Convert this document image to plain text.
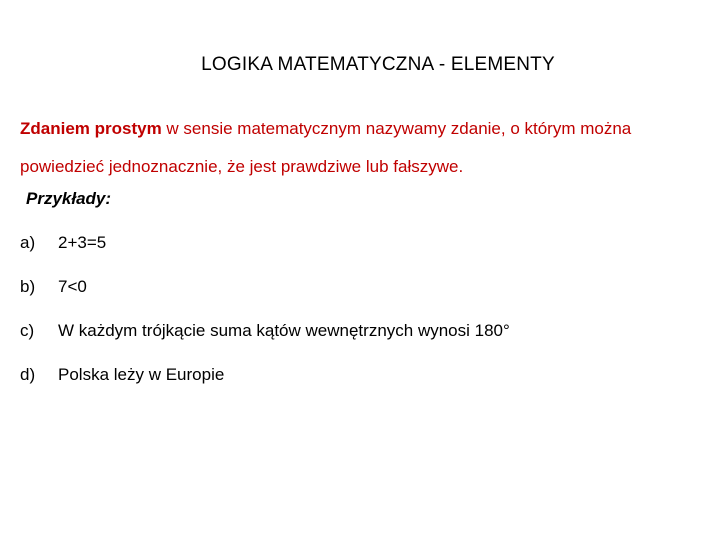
LOGIKA MATEMATYCZNA - ELEMENTY
Zdaniem prostym w sensie matematycznym nazywamy zdanie, o którym można powiedzieć jednoznacznie, że jest prawdziwe lub fałszywe.
Przykłady:
a) 2+3=5
b) 7<0
c) W każdym trójkącie suma kątów wewnętrznych wynosi 180°
d) Polska leży w Europie
